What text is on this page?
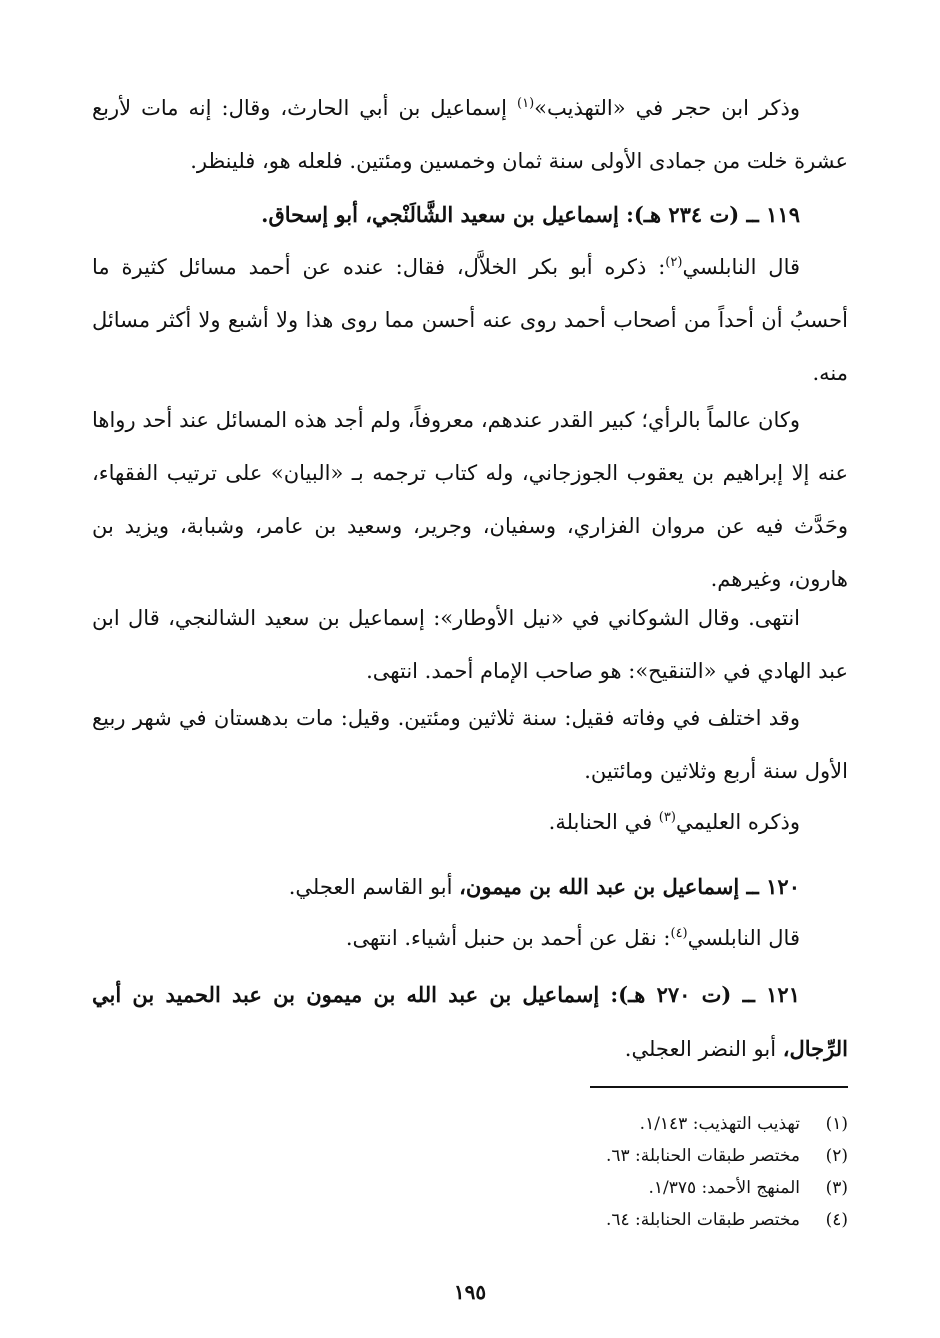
وذكر ابن حجر في «التهذيب»$^{(١)}$ إسماعيل بن أبي الحارث، وقال: إنه مات لأربع عشرة خلت من جمادى الأولى سنة ثمان وخمسين ومئتين. فلعله هو، فلينظر.
١١٩ ــ (ت ٢٣٤ هـ): إسماعيل بن سعيد الشَّالَنْجي، أبو إسحاق.
قال النابلسي$^{(٢)}$: ذكره أبو بكر الخلاَّل، فقال: عنده عن أحمد مسائل كثيرة ما أحسبُ أن أحداً من أصحاب أحمد روى عنه أحسن مما روى هذا ولا أشبع ولا أكثر مسائل منه.
وكان عالماً بالرأي؛ كبير القدر عندهم، معروفاً، ولم أجد هذه المسائل عند أحد رواها عنه إلا إبراهيم بن يعقوب الجوزجاني، وله كتاب ترجمه بـ «البيان» على ترتيب الفقهاء، وحَدَّث فيه عن مروان الفزاري، وسفيان، وجرير، وسعيد بن عامر، وشبابة، ويزيد بن هارون، وغيرهم.
انتهى. وقال الشوكاني في «نيل الأوطار»: إسماعيل بن سعيد الشالنجي، قال ابن عبد الهادي في «التنقيح»: هو صاحب الإمام أحمد. انتهى.
وقد اختلف في وفاته فقيل: سنة ثلاثين ومئتين. وقيل: مات بدهستان في شهر ربيع الأول سنة أربع وثلاثين ومائتين.
وذكره العليمي$^{(٣)}$ في الحنابلة.
١٢٠ ــ إسماعيل بن عبد الله بن ميمون، أبو القاسم العجلي.
قال النابلسي$^{(٤)}$: نقل عن أحمد بن حنبل أشياء. انتهى.
١٢١ ــ (ت ٢٧٠ هـ): إسماعيل بن عبد الله بن ميمون بن عبد الحميد بن أبي الرِّجال، أبو النضر العجلي.
(١)
تهذيب التهذيب: ١/١٤٣.
(٢)
مختصر طبقات الحنابلة: ٦٣.
(٣)
المنهج الأحمد: ١/٣٧٥.
(٤)
مختصر طبقات الحنابلة: ٦٤.
١٩٥
